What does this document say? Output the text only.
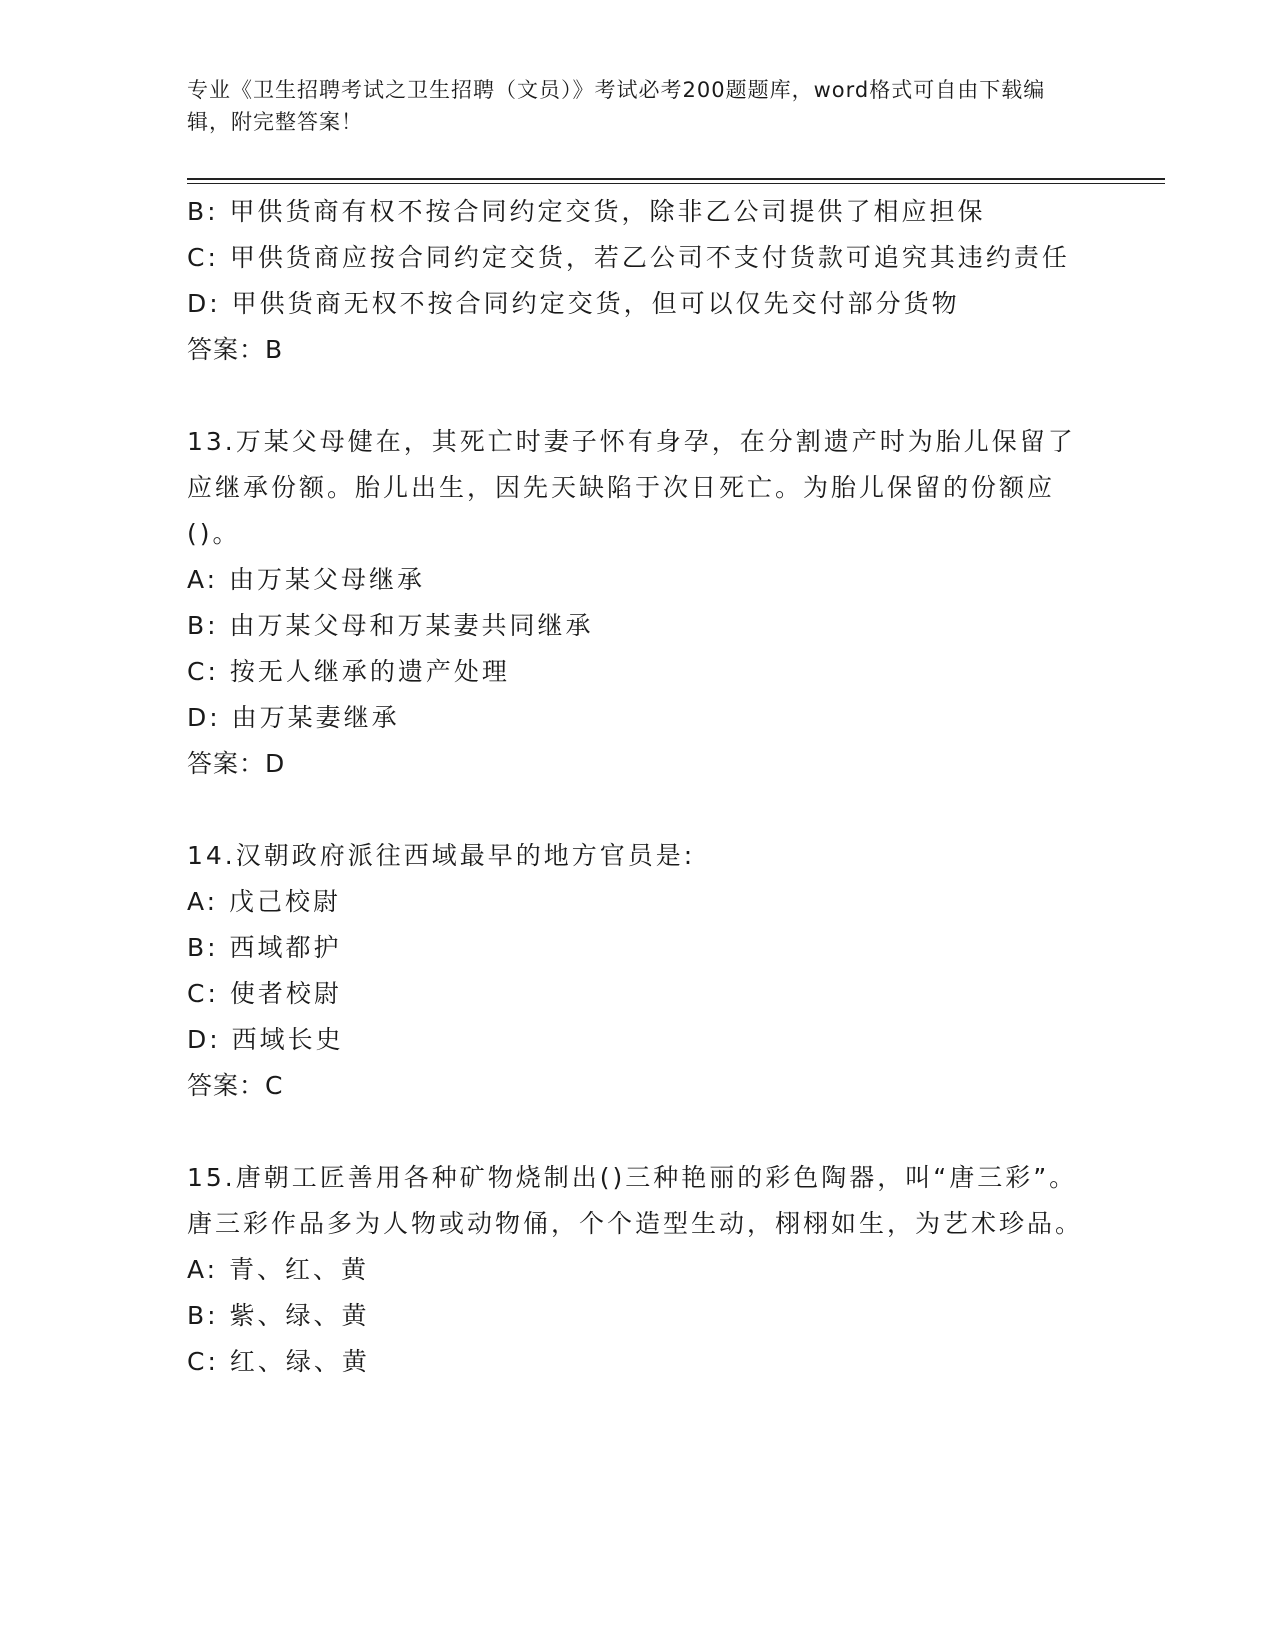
专业《卫生招聘考试之卫生招聘（文员）》考试必考200题题库，word格式可自由下载编辑，附完整答案！
B: 甲供货商有权不按合同约定交货，除非乙公司提供了相应担保
C: 甲供货商应按合同约定交货，若乙公司不支付货款可追究其违约责任
D: 甲供货商无权不按合同约定交货，但可以仅先交付部分货物
答案：B
13.万某父母健在，其死亡时妻子怀有身孕，在分割遗产时为胎儿保留了应继承份额。胎儿出生，因先天缺陷于次日死亡。为胎儿保留的份额应()。
A: 由万某父母继承
B: 由万某父母和万某妻共同继承
C: 按无人继承的遗产处理
D: 由万某妻继承
答案：D
14.汉朝政府派往西域最早的地方官员是:
A: 戊己校尉
B: 西域都护
C: 使者校尉
D: 西域长史
答案：C
15.唐朝工匠善用各种矿物烧制出()三种艳丽的彩色陶器，叫“唐三彩”。唐三彩作品多为人物或动物俑，个个造型生动，栩栩如生，为艺术珍品。
A: 青、红、黄
B: 紫、绿、黄
C: 红、绿、黄
